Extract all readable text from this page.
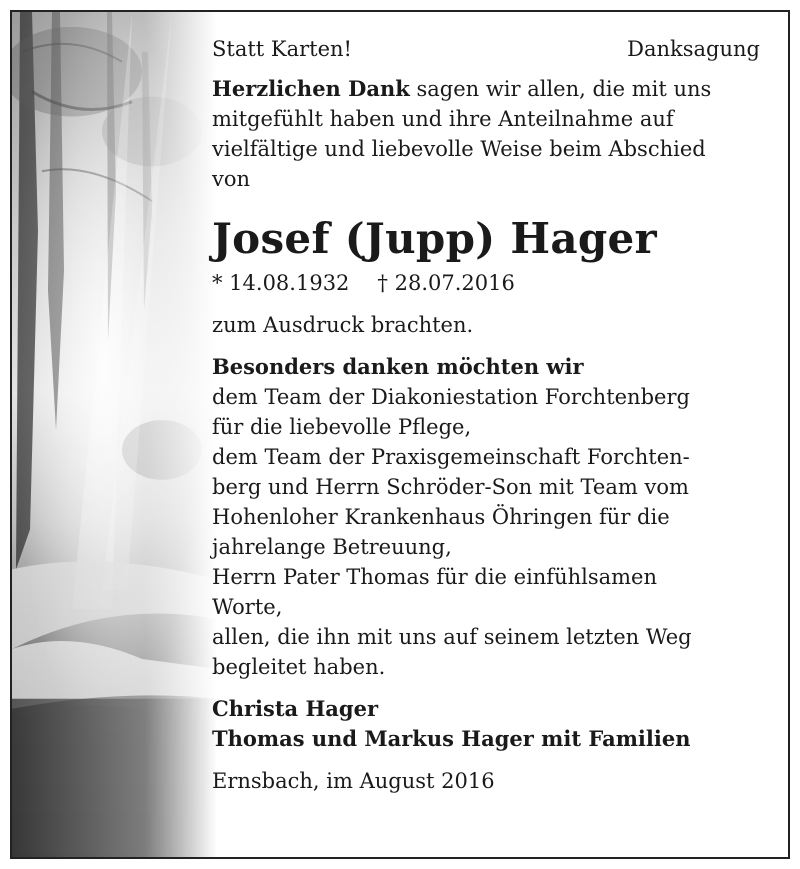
Statt Karten!	Danksagung

Herzlichen Dank sagen wir allen, die mit uns

mitgefühlt haben und ihre Anteilnahme auf

vielfältige und liebevolle Weise beim Abschied

von

Josef (Jupp) Hager
* 14.08.1932 † 28.07.2016

zum Ausdruck brachten.

Besonders danken möchten wir

dem Team der Diakoniestation Forchtenberg

für die liebevolle Pflege,

dem Team der Praxisgemeinschaft Forchten-

berg und Herrn Schröder-Son mit Team vom

Hohenloher Krankenhaus Öhringen für die

jahrelange Betreuung,

Herrn Pater Thomas für die einfühlsamen

Worte,

allen, die ihn mit uns auf seinem letzten Weg

begleitet haben.

Christa Hager

Thomas und Markus Hager mit Familien

Ernsbach, im August 2016
